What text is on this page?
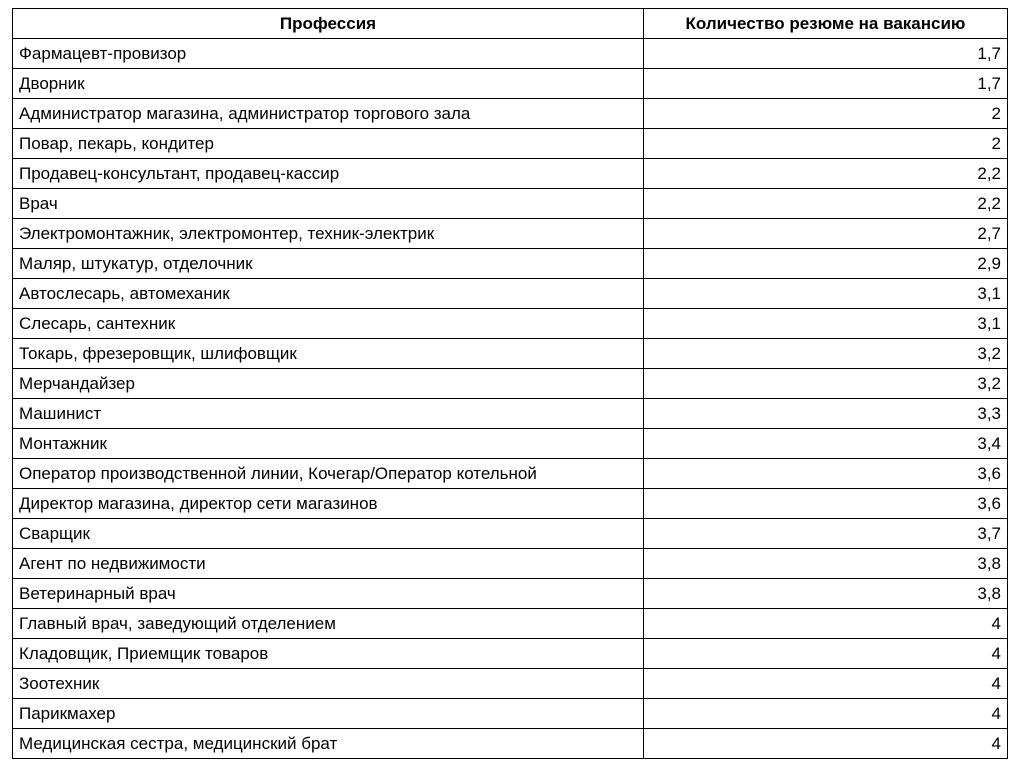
Профессия	Количество резюме на вакансию
Фармацевт-провизор	1,7
Дворник	1,7
Администратор магазина, администратор торгового зала	2
Повар, пекарь, кондитер	2
Продавец-консультант, продавец-кассир	2,2
Врач	2,2
Электромонтажник, электромонтер, техник-электрик	2,7
Маляр, штукатур, отделочник	2,9
Автослесарь, автомеханик	3,1
Слесарь, сантехник	3,1
Токарь, фрезеровщик, шлифовщик	3,2
Мерчандайзер	3,2
Машинист	3,3
Монтажник	3,4
Оператор производственной линии, Кочегар/Оператор котельной	3,6
Директор магазина, директор сети магазинов	3,6
Сварщик	3,7
Агент по недвижимости	3,8
Ветеринарный врач	3,8
Главный врач, заведующий отделением	4
Кладовщик, Приемщик товаров	4
Зоотехник	4
Парикмахер	4
Медицинская сестра, медицинский брат	4
